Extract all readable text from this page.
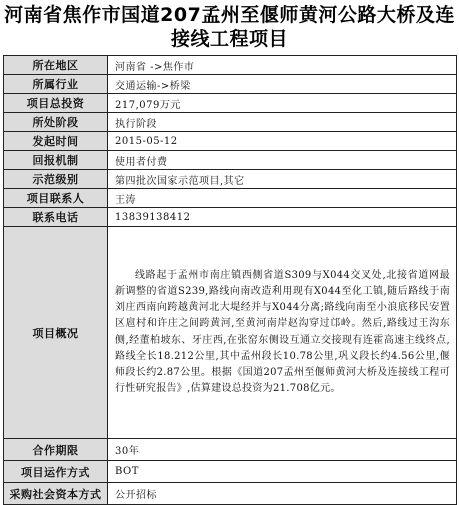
河南省焦作市国道207孟州至偃师黄河公路大桥及连接线工程项目
所在地区	河南省 ->焦作市
所属行业	交通运输->桥梁
项目总投资	217,079万元
所处阶段	执行阶段
发起时间	2015-05-12
回报机制	使用者付费
示范级别	第四批次国家示范项目,其它
项目联系人	王涛
联系电话	13839138412
项目概况	线路起于孟州市南庄镇西侧省道S309与X044交叉处,北接省道网最新调整的省道S239,路线向南改造利用现有X044至化工镇,随后路线于南刘庄西南向跨越黄河北大堤经并与X044分离;路线向南至小浪底移民安置区扈村和许庄之间跨黄河,至黄河南岸赵沟穿过邙岭。然后,路线过王沟东侧,经董柏坡东、牙庄西,在张窑东侧设互通立交接现有连霍高速主线终点,路线全长18.212公里,其中孟州段长10.78公里,巩义段长约4.56公里,偃师段长约2.87公里。根据《国道207孟州至偃师黄河大桥及连接线工程可行性研究报告》,估算建设总投资为21.708亿元。
合作期限	30年
项目运作方式	BOT
采购社会资本方式	公开招标
